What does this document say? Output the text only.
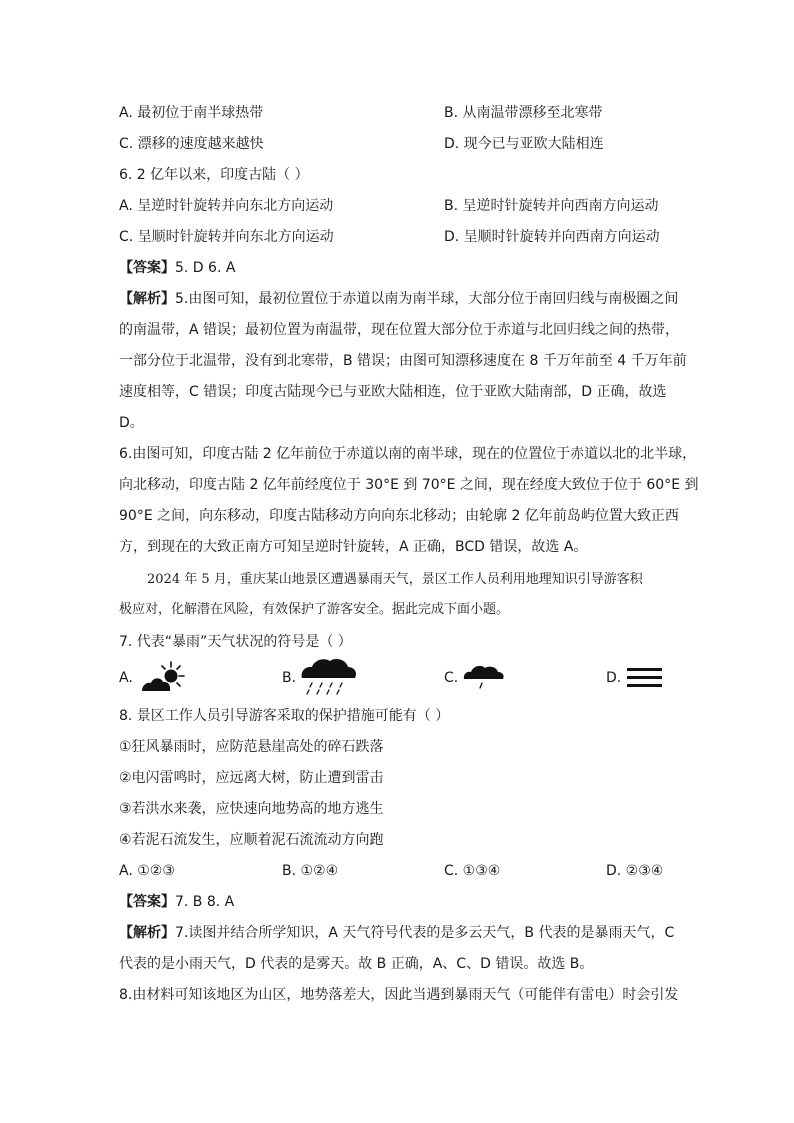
A. 最初位于南半球热带	B. 从南温带漂移至北寒带
C. 漂移的速度越来越快	D. 现今已与亚欧大陆相连
6. 2 亿年以来，印度古陆（ ）
A. 呈逆时针旋转并向东北方向运动	B. 呈逆时针旋转并向西南方向运动
C. 呈顺时针旋转并向东北方向运动	D. 呈顺时针旋转并向西南方向运动
【答案】5. D 6. A
【解析】5.由图可知，最初位置位于赤道以南为南半球，大部分位于南回归线与南极圈之间
的南温带，A 错误；最初位置为南温带，现在位置大部分位于赤道与北回归线之间的热带，
一部分位于北温带，没有到北寒带，B 错误；由图可知漂移速度在 8 千万年前至 4 千万年前
速度相等，C 错误；印度古陆现今已与亚欧大陆相连，位于亚欧大陆南部，D 正确，故选
D。
6.由图可知，印度古陆 2 亿年前位于赤道以南的南半球，现在的位置位于赤道以北的北半球，
向北移动，印度古陆 2 亿年前经度位于 30°E 到 70°E 之间，现在经度大致位于位于 60°E 到
90°E 之间，向东移动，印度古陆移动方向向东北移动；由轮廓 2 亿年前岛屿位置大致正西
方，到现在的大致正南方可知呈逆时针旋转，A 正确，BCD 错误，故选 A。
2024 年 5 月，重庆某山地景区遭遇暴雨天气，景区工作人员利用地理知识引导游客积
极应对，化解潜在风险，有效保护了游客安全。据此完成下面小题。
7. 代表“暴雨”天气状况的符号是（ ）
A.	B.	C.	D.
8. 景区工作人员引导游客采取的保护措施可能有（ ）
①狂风暴雨时，应防范悬崖高处的碎石跌落
②电闪雷鸣时，应远离大树，防止遭到雷击
③若洪水来袭，应快速向地势高的地方逃生
④若泥石流发生，应顺着泥石流流动方向跑
A. ①②③	B. ①②④	C. ①③④	D. ②③④
【答案】7. B 8. A
【解析】7.读图并结合所学知识，A 天气符号代表的是多云天气，B 代表的是暴雨天气，C
代表的是小雨天气，D 代表的是雾天。故 B 正确，A、C、D 错误。故选 B。
8.由材料可知该地区为山区，地势落差大，因此当遇到暴雨天气（可能伴有雷电）时会引发
